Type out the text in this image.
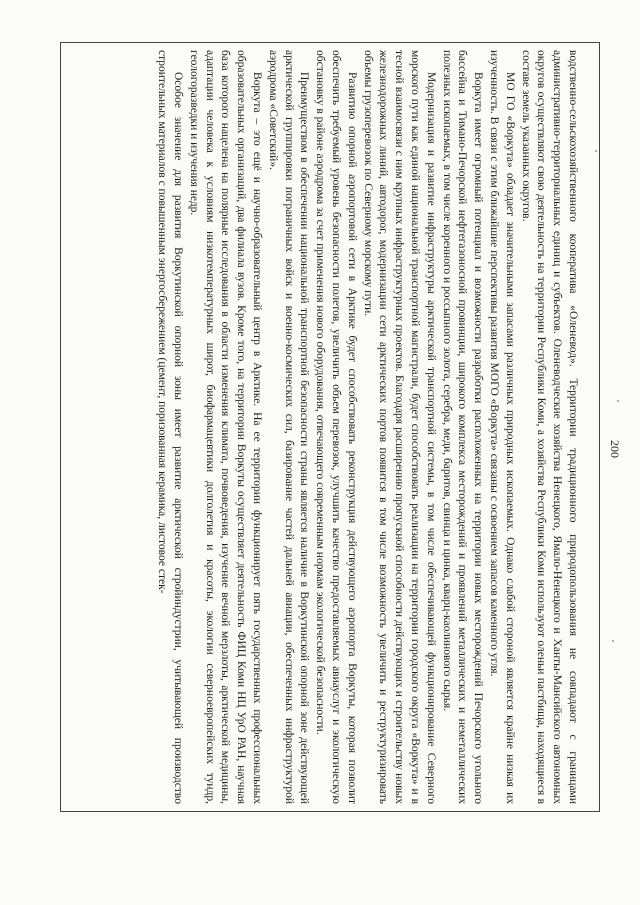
200

водственно-сельскохозяйственного кооператива «Оленевод». Территории традиционного природопользования не совпадают с границами административно-территориальных единиц и субъектов. Оленеводческие хозяйства Ненецкого, Ямало-Ненецкого и Ханты-Мансийского автономных округов осуществляют свою деятельность на территории Республики Коми, а хозяйства Республики Коми используют оленьи пастбища, находящиеся в составе земель указанных округов.

МО ГО «Воркута» обладает значительными запасами различных природных ископаемых. Однако слабой стороной является крайне низкая их изученность. В связи с этим ближайшие перспективы развития МОГО «Воркута» связаны с освоением запасов каменного угля.

Воркута имеет огромный потенциал и возможности разработки расположенных на территории новых месторождений Печорского угольного бассейна и Тимано-Печорской нефтегазоносной провинции, широкого комплекса месторождений и проявлений металлических и неметаллических полезных ископаемых, в том числе коренного и россыпного золота, серебра, меди, баритов, свинца и цинка, кварц-каолинового сырья.

Модернизация и развитие инфраструктуры арктической транспортной системы, в том числе обеспечивающей функционирование Северного морского пути как единой национальной транспортной магистрали, будет способствовать реализации на территории городского округа «Воркута» и в тесной взаимосвязи с ним крупных инфраструктурных проектов. Благодаря расширению пропускной способности действующих и строительству новых железнодорожных линий, автодорог, модернизации сети арктических портов появится в том числе возможность увеличить и реструктуризировать объемы грузоперевозок по Северному морскому пути.

Развитию опорной аэропортовой сети в Арктике будет способствовать реконструкция действующего аэропорта Воркуты, которая позволит обеспечить требуемый уровень безопасности полетов, увеличить объем перевозок, улучшить качество предоставляемых авиауслуг и экологическую обстановку в районе аэродрома за счет применения нового оборудования, отвечающего современным нормам экологической безопасности.

Преимуществом в обеспечении национальной транспортной безопасности страны является наличие в Воркутинской опорной зоне действующей арктической группировки пограничных войск и военно-космических сил, базирование частей дальней авиации, обеспеченных инфраструктурой аэродрома «Советский».

Воркута – это ещё и научно-образовательный центр в Арктике. На ее территории функционирует пять государственных профессиональных образовательных организаций, два филиала вузов. Кроме того, на территории Воркуты осуществляет деятельность ФИЦ Коми НЦ УрО РАН, научная база которого нацелена на полярные исследования в области изменения климата, почвоведения, изучение вечной мерзлоты, арктической медицины, адаптации человека к условиям низкотемпературных широт, биофармацевтики долголетия и красоты, экологии северноевропейских тундр, геологоразведки и изучения недр.

Особое значение для развития Воркутинской опорной зоны имеет развитие арктической стройиндустрии, учитывающей производство строительных материалов с повышенным энергосбережением (цемент, поризованная керамика, листовое стек-
